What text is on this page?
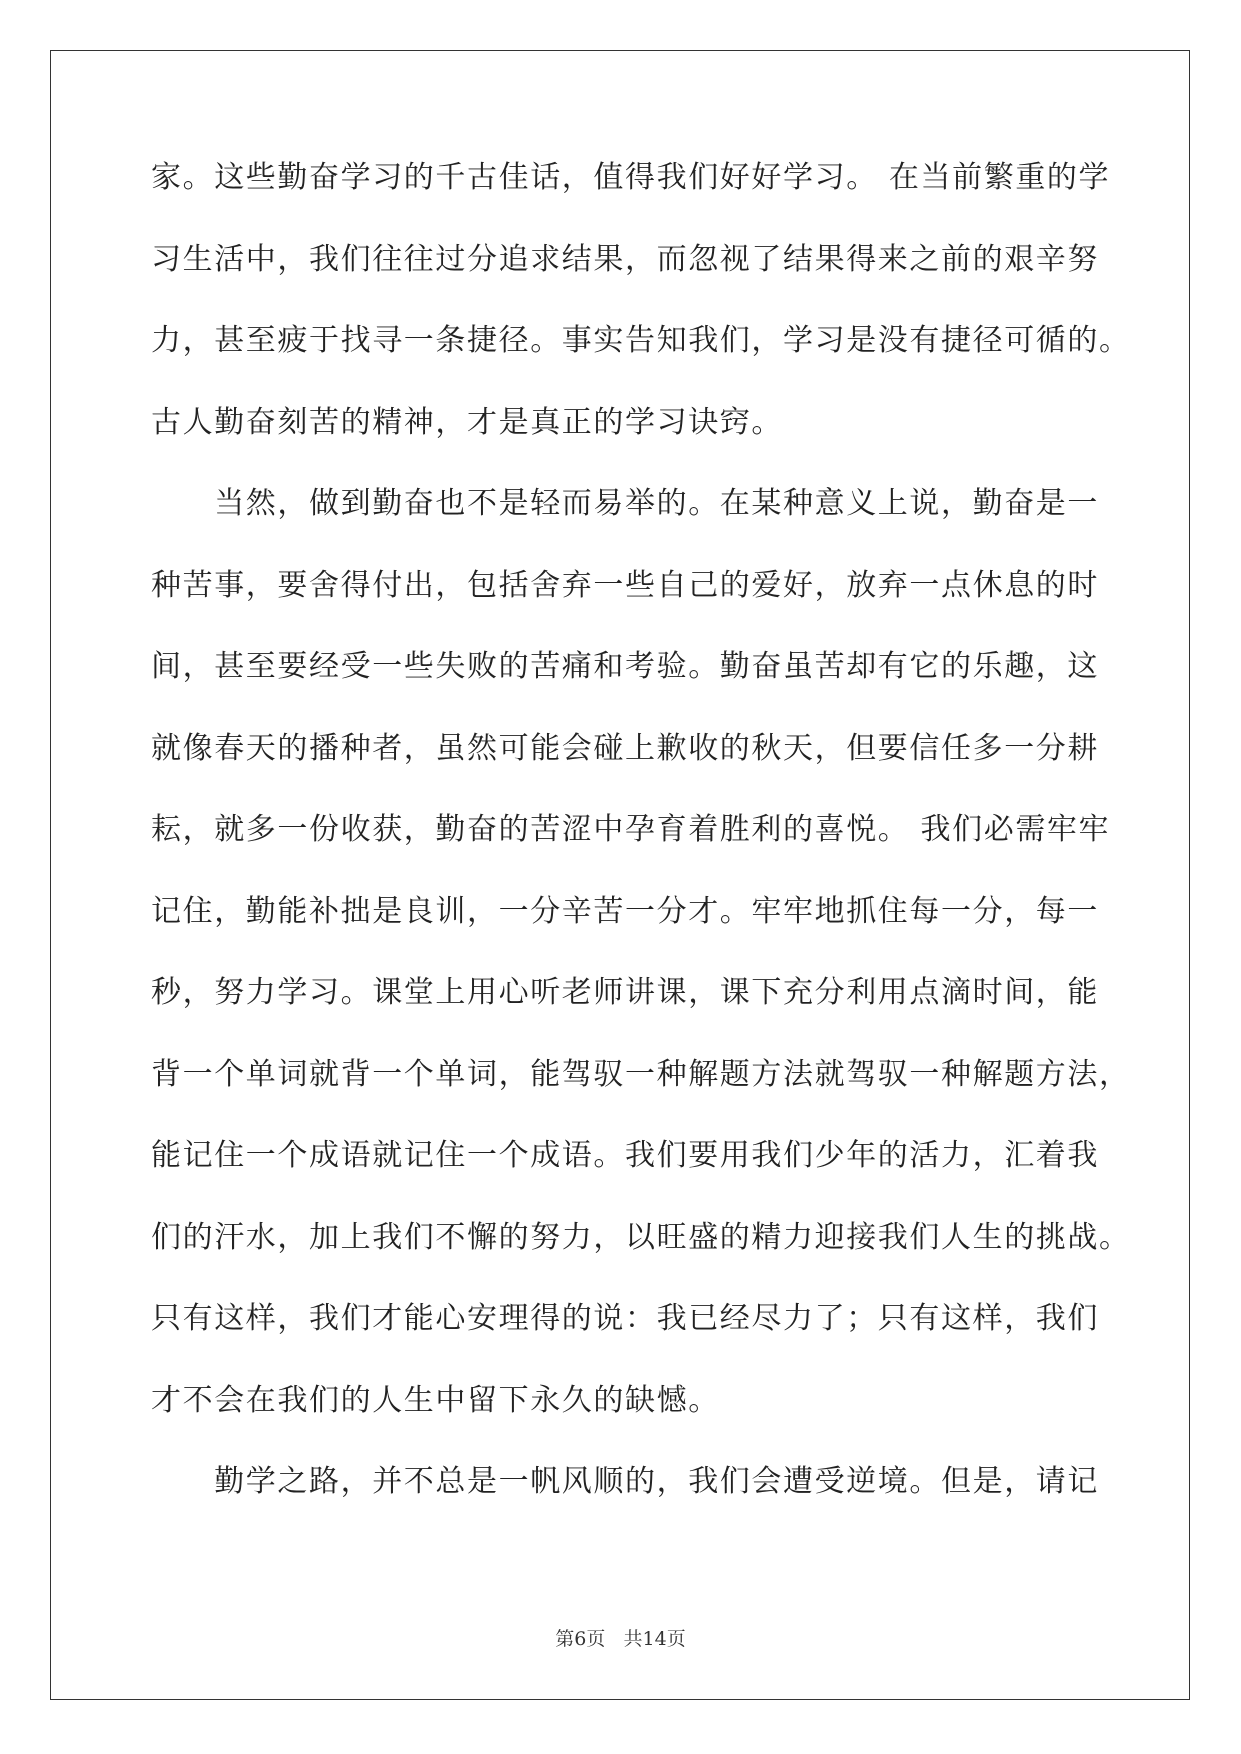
家。这些勤奋学习的千古佳话，值得我们好好学习。 在当前繁重的学
习生活中，我们往往过分追求结果，而忽视了结果得来之前的艰辛努
力，甚至疲于找寻一条捷径。事实告知我们，学习是没有捷径可循的。
古人勤奋刻苦的精神，才是真正的学习诀窍。
　　当然，做到勤奋也不是轻而易举的。在某种意义上说，勤奋是一
种苦事，要舍得付出，包括舍弃一些自己的爱好，放弃一点休息的时
间，甚至要经受一些失败的苦痛和考验。勤奋虽苦却有它的乐趣，这
就像春天的播种者，虽然可能会碰上歉收的秋天，但要信任多一分耕
耘，就多一份收获，勤奋的苦涩中孕育着胜利的喜悦。 我们必需牢牢
记住，勤能补拙是良训，一分辛苦一分才。牢牢地抓住每一分，每一
秒，努力学习。课堂上用心听老师讲课，课下充分利用点滴时间，能
背一个单词就背一个单词，能驾驭一种解题方法就驾驭一种解题方法，
能记住一个成语就记住一个成语。我们要用我们少年的活力，汇着我
们的汗水，加上我们不懈的努力，以旺盛的精力迎接我们人生的挑战。
只有这样，我们才能心安理得的说：我已经尽力了；只有这样，我们
才不会在我们的人生中留下永久的缺憾。
　　勤学之路，并不总是一帆风顺的，我们会遭受逆境。但是，请记
第6页 共14页
